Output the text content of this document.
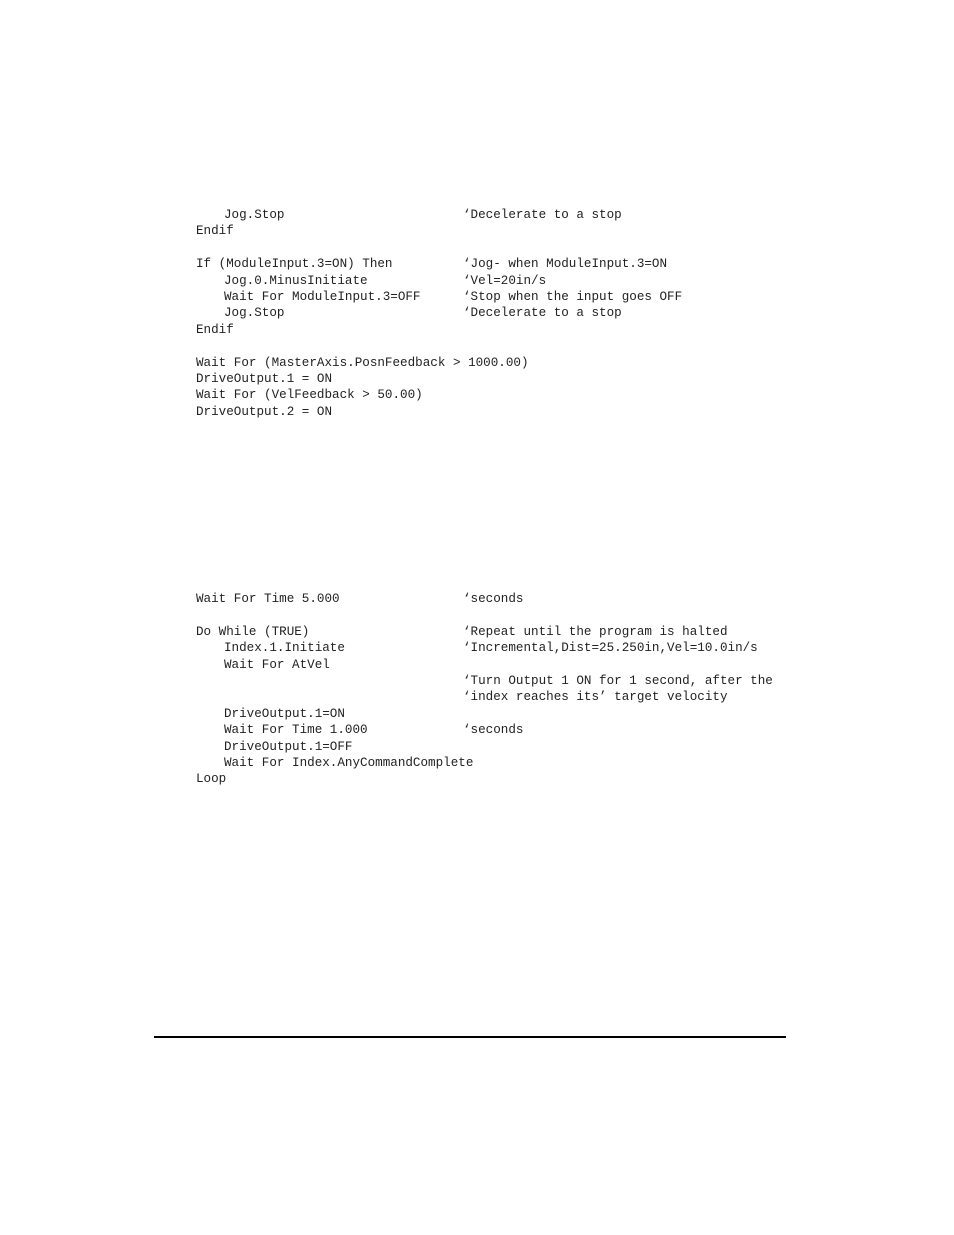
Jog.Stop	‘Decelerate to a stop
Endif
If (ModuleInput.3=ON) Then	‘Jog- when ModuleInput.3=ON
Jog.0.MinusInitiate	‘Vel=20in/s
Wait For ModuleInput.3=OFF	‘Stop when the input goes OFF
Jog.Stop	‘Decelerate to a stop
Endif
Wait For (MasterAxis.PosnFeedback > 1000.00)
DriveOutput.1 = ON
Wait For (VelFeedback > 50.00)
DriveOutput.2 = ON
Wait For Time 5.000	‘seconds
Do While (TRUE)	‘Repeat until the program is halted
Index.1.Initiate	‘Incremental,Dist=25.250in,Vel=10.0in/s
Wait For AtVel
‘Turn Output 1 ON for 1 second, after the
‘index reaches its’ target velocity
DriveOutput.1=ON
Wait For Time 1.000	‘seconds
DriveOutput.1=OFF
Wait For Index.AnyCommandComplete
Loop
